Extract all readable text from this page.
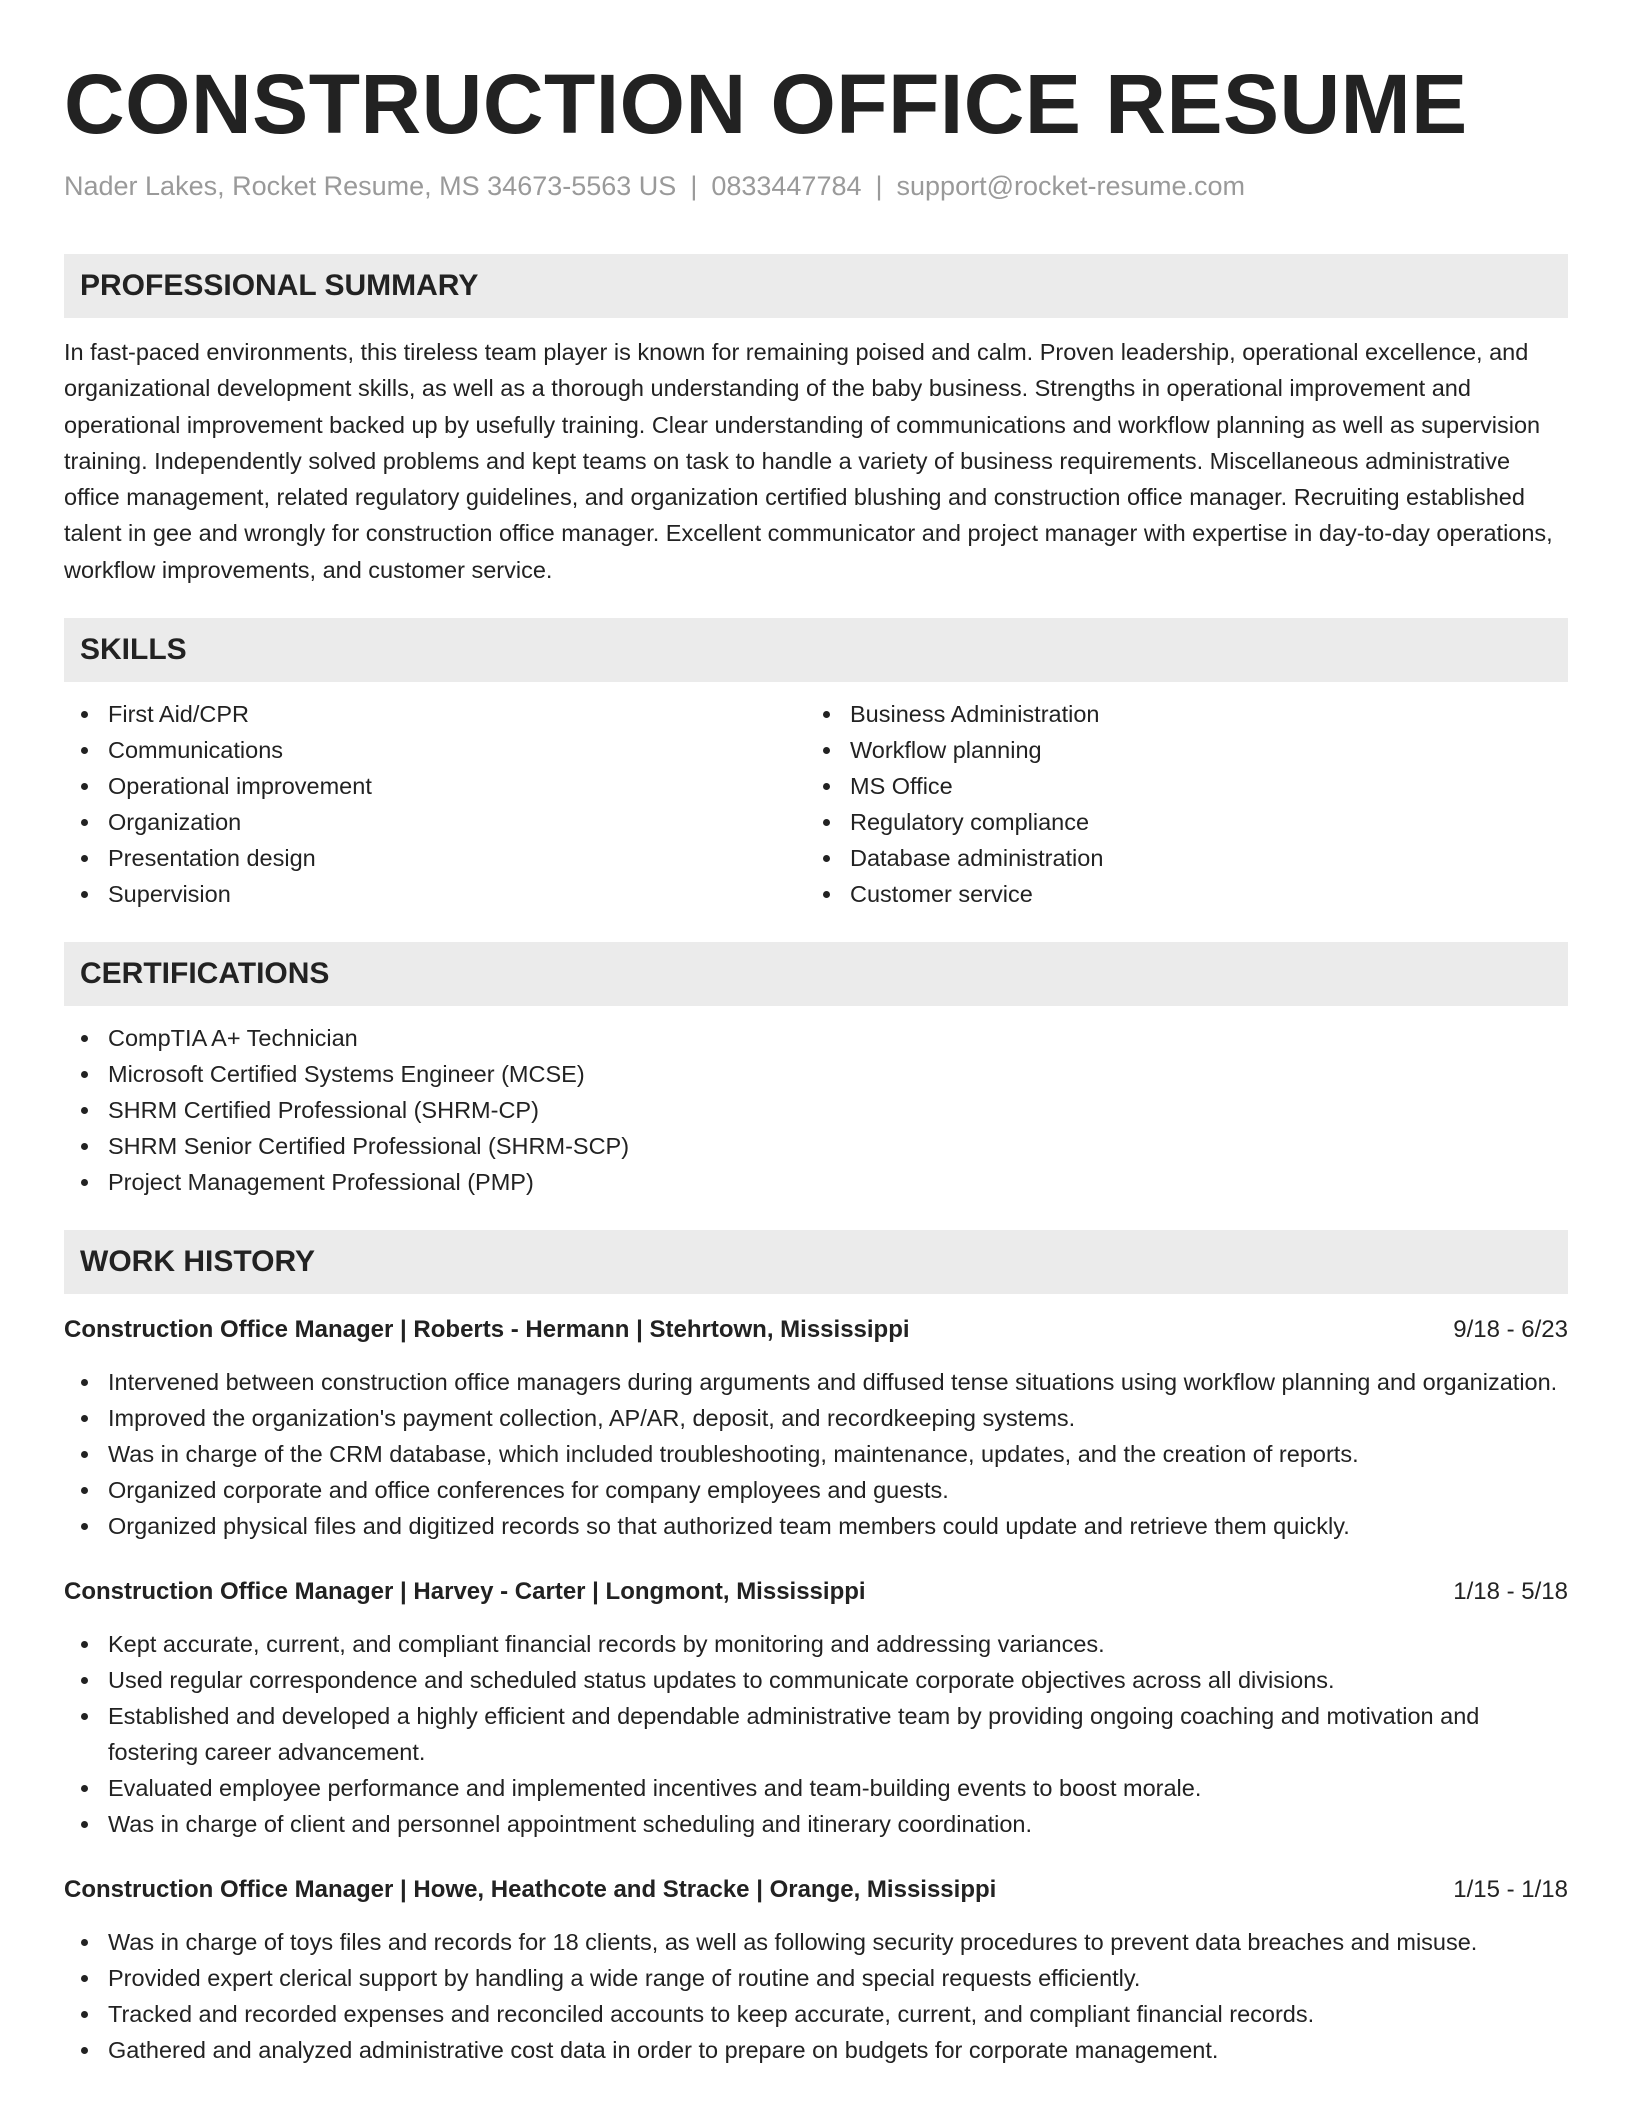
CONSTRUCTION OFFICE RESUME
Nader Lakes, Rocket Resume, MS 34673-5563 US | 0833447784 | support@rocket-resume.com
PROFESSIONAL SUMMARY

In fast-paced environments, this tireless team player is known for remaining poised and calm. Proven leadership, operational excellence, and organizational development skills, as well as a thorough understanding of the baby business. Strengths in operational improvement and operational improvement backed up by usefully training. Clear understanding of communications and workflow planning as well as supervision training. Independently solved problems and kept teams on task to handle a variety of business requirements. Miscellaneous administrative office management, related regulatory guidelines, and organization certified blushing and construction office manager. Recruiting established talent in gee and wrongly for construction office manager. Excellent communicator and project manager with expertise in day-to-day operations, workflow improvements, and customer service.

SKILLS
First Aid/CPR
Communications
Operational improvement
Organization
Presentation design
Supervision
Business Administration
Workflow planning
MS Office
Regulatory compliance
Database administration
Customer service
CERTIFICATIONS
CompTIA A+ Technician
Microsoft Certified Systems Engineer (MCSE)
SHRM Certified Professional (SHRM-CP)
SHRM Senior Certified Professional (SHRM-SCP)
Project Management Professional (PMP)
WORK HISTORY
Construction Office Manager | Roberts - Hermann | Stehrtown, Mississippi	9/18 - 6/23
Intervened between construction office managers during arguments and diffused tense situations using workflow planning and organization.
Improved the organization's payment collection, AP/AR, deposit, and recordkeeping systems.
Was in charge of the CRM database, which included troubleshooting, maintenance, updates, and the creation of reports.
Organized corporate and office conferences for company employees and guests.
Organized physical files and digitized records so that authorized team members could update and retrieve them quickly.
Construction Office Manager | Harvey - Carter | Longmont, Mississippi	1/18 - 5/18
Kept accurate, current, and compliant financial records by monitoring and addressing variances.
Used regular correspondence and scheduled status updates to communicate corporate objectives across all divisions.
Established and developed a highly efficient and dependable administrative team by providing ongoing coaching and motivation and fostering career advancement.
Evaluated employee performance and implemented incentives and team-building events to boost morale.
Was in charge of client and personnel appointment scheduling and itinerary coordination.
Construction Office Manager | Howe, Heathcote and Stracke | Orange, Mississippi	1/15 - 1/18
Was in charge of toys files and records for 18 clients, as well as following security procedures to prevent data breaches and misuse.
Provided expert clerical support by handling a wide range of routine and special requests efficiently.
Tracked and recorded expenses and reconciled accounts to keep accurate, current, and compliant financial records.
Gathered and analyzed administrative cost data in order to prepare on budgets for corporate management.
